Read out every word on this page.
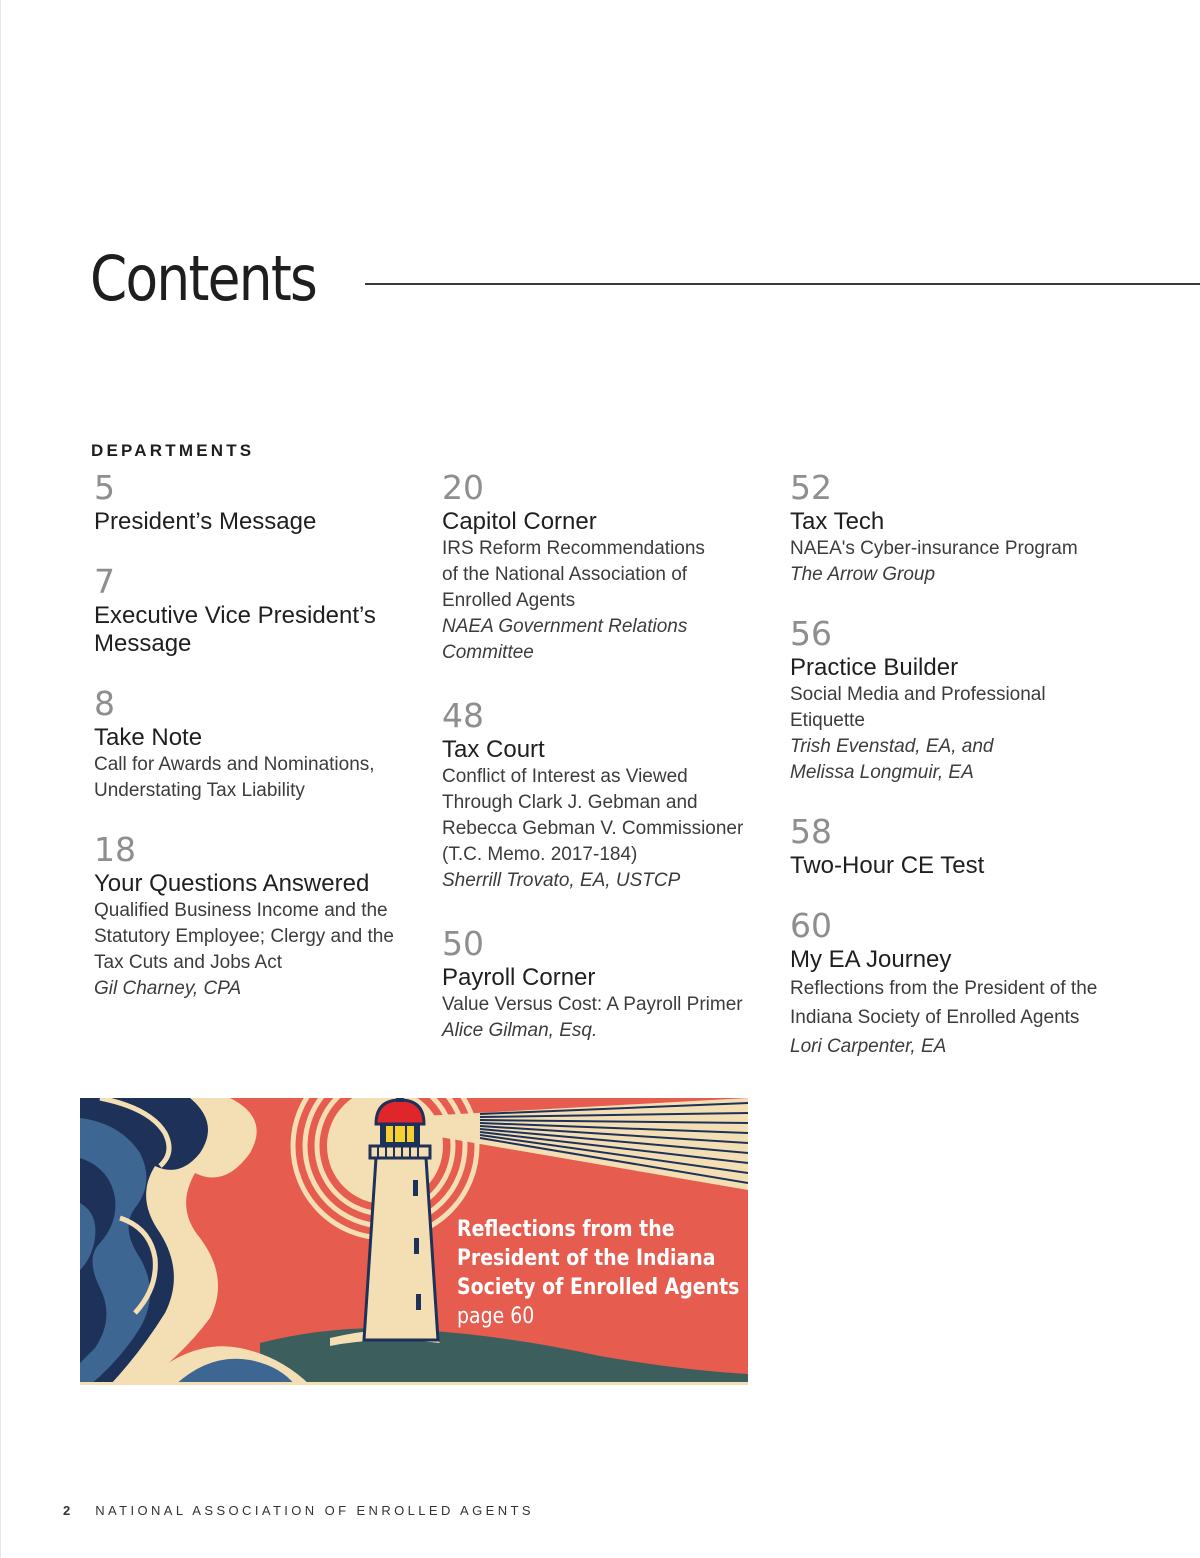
Contents
DEPARTMENTS
5
President’s Message
7
Executive Vice President’s
Message
8
Take Note
Call for Awards and Nominations,
Understating Tax Liability
18
Your Questions Answered
Qualified Business Income and the
Statutory Employee; Clergy and the
Tax Cuts and Jobs Act
Gil Charney, CPA
20
Capitol Corner
IRS Reform Recommendations
of the National Association of
Enrolled Agents
NAEA Government Relations
Committee
48
Tax Court
Conflict of Interest as Viewed
Through Clark J. Gebman and
Rebecca Gebman V. Commissioner
(T.C. Memo. 2017-184)
Sherrill Trovato, EA, USTCP
50
Payroll Corner
Value Versus Cost: A Payroll Primer
Alice Gilman, Esq.
52
Tax Tech
NAEA's Cyber-insurance Program
The Arrow Group
56
Practice Builder
Social Media and Professional
Etiquette
Trish Evenstad, EA, and
Melissa Longmuir, EA
58
Two-Hour CE Test
60
My EA Journey
Reflections from the President of the
Indiana Society of Enrolled Agents
Lori Carpenter, EA
Reflections from the
President of the Indiana
Society of Enrolled Agents
page 60
2 NATIONAL ASSOCIATION OF ENROLLED AGENTS
